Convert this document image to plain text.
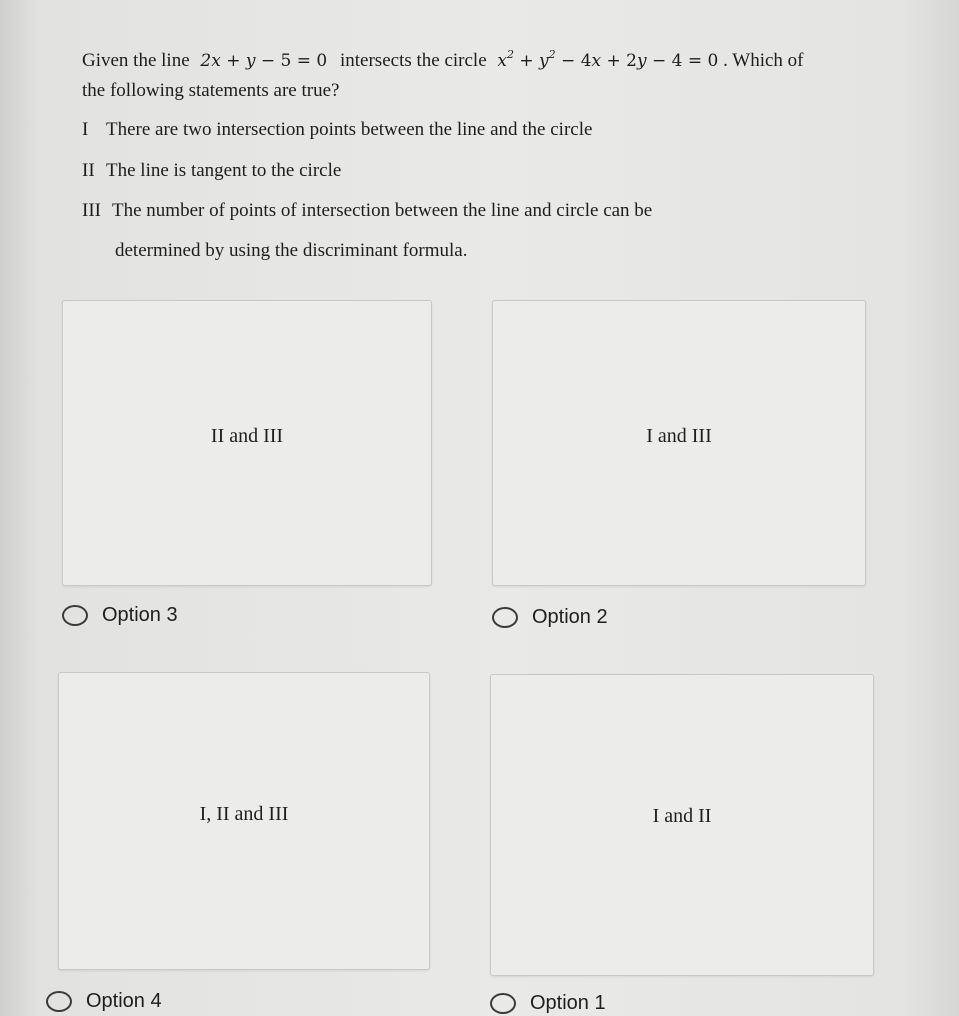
Given the line 2x + y − 5 = 0 intersects the circle $x^2 + y^2 - 4x + 2y - 4 = 0$ . Which of
the following statements are true?
I There are two intersection points between the line and the circle
II The line is tangent to the circle
III The number of points of intersection between the line and circle can be
determined by using the discriminant formula.
II and III	I and III
Option 3	Option 2
I, II and III	I and II
Option 4	Option 1
